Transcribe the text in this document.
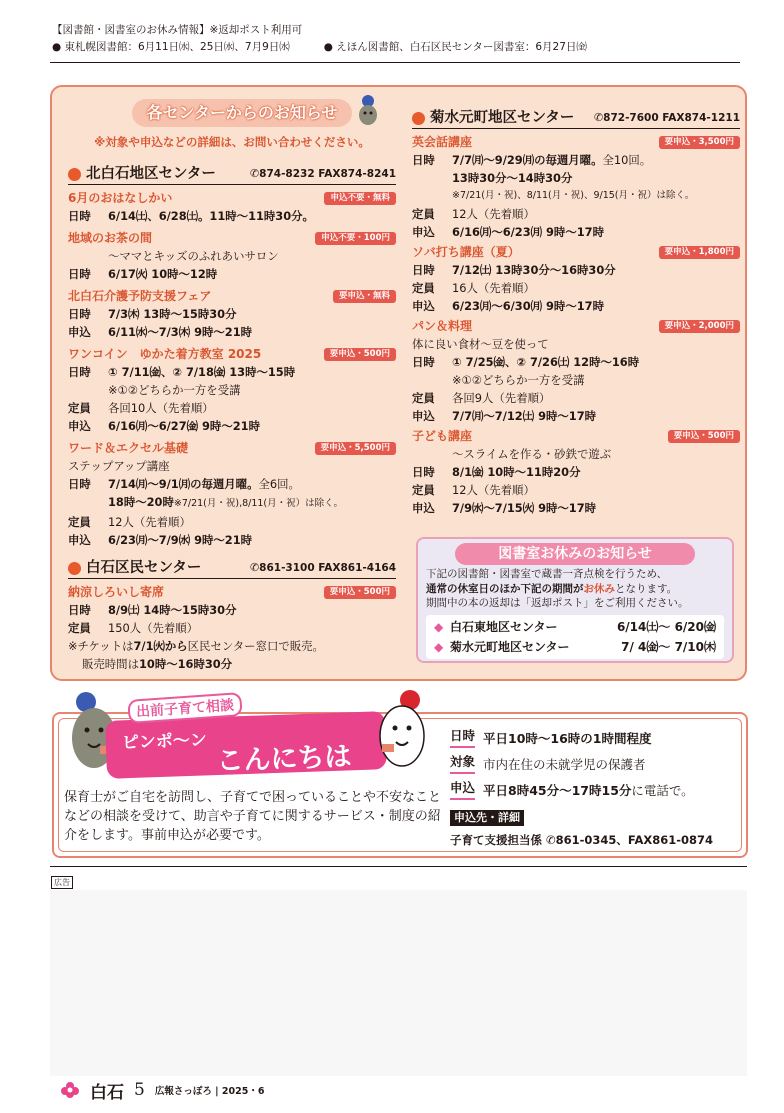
【図書館・図書室のお休み情報】※返却ポスト利用可
● 東札幌図書館：6月11日㈬、25日㈬、7月9日㈬
●	えほん図書館、白石区民センター図書室：6月27日㈮
各センターからのお知らせ
※対象や申込などの詳細は、お問い合わせください。
北白石地区センター	✆ 874-8232 FAX874-8241
6月のおはなしかい	申込不要・無料
日時	6/14㈯、6/28㈯。11時～11時30分。
地域のお茶の間	申込不要・100円
～ママとキッズのふれあいサロン
日時	6/17㈫ 10時～12時
北白石介護予防支援フェア	要申込・無料
日時	7/3㈭ 13時～15時30分
申込	6/11㈬～7/3㈭ 9時～21時
ワンコイン　ゆかた着方教室 2025	要申込・500円
日時	① 7/11㈮、② 7/18㈮ 13時～15時
※①②どちらか一方を受講
定員	各回10人（先着順）
申込	6/16㈪～6/27㈮ 9時～21時
ワード＆エクセル基礎	要申込・5,500円
ステップアップ講座
日時	7/14㈪～9/1㈪の毎週月曜。全6回。
18時～20時※7/21(月・祝),8/11(月・祝）は除く。
定員	12人（先着順）
申込	6/23㈪～7/9㈬ 9時～21時
白石区民センター	✆ 861-3100 FAX861-4164
納涼しろいし寄席	要申込・500円
日時	8/9㈯ 14時～15時30分
定員	150人（先着順）
※チケットは7/1㈫から区民センター窓口で販売。
販売時間は10時～16時30分
菊水元町地区センター	✆ 872-7600 FAX874-1211
英会話講座	要申込・3,500円
日時	7/7㈪～9/29㈪の毎週月曜。全10回。
13時30分～14時30分
※7/21(月・祝)、8/11(月・祝)、9/15(月・祝）は除く。
定員	12人（先着順）
申込	6/16㈪～6/23㈪ 9時～17時
ソバ打ち講座（夏）	要申込・1,800円
日時	7/12㈯ 13時30分～16時30分
定員	16人（先着順）
申込	6/23㈪～6/30㈪ 9時～17時
パン＆料理	要申込・2,000円
体に良い食材～豆を使って
日時	① 7/25㈮、② 7/26㈯ 12時～16時
※①②どちらか一方を受講
定員	各回9人（先着順）
申込	7/7㈪～7/12㈯ 9時～17時
子ども講座	要申込・500円
～スライムを作る・砂鉄で遊ぶ
日時	8/1㈮ 10時～11時20分
定員	12人（先着順）
申込	7/9㈬～7/15㈫ 9時～17時
図書室お休みのお知らせ
下記の図書館・図書室で蔵書一斉点検を行うため、
通常の休室日のほか下記の期間がお休みとなります。
期間中の本の返却は「返却ポスト」をご利用ください。
◆ 白石東地区センター	6/14㈯～ 6/20㈮
◆ 菊水元町地区センター	7/ 4㈮～ 7/10㈭
ピンポ～ン こんにちは
出前子育て相談
保育士がご自宅を訪問し、子育てで困っていることや不安なことなどの相談を受けて、助言や子育てに関するサービス・制度の紹介をします。事前申込が必要です。
日時 平日10時～16時の1時間程度
対象 市内在住の未就学児の保護者
申込 平日8時45分～17時15分に電話で。
申込先・詳細
子育て支援担当係 ✆861-0345、FAX861-0874
広告
白石 5 広報さっぽろ | 2025・6
